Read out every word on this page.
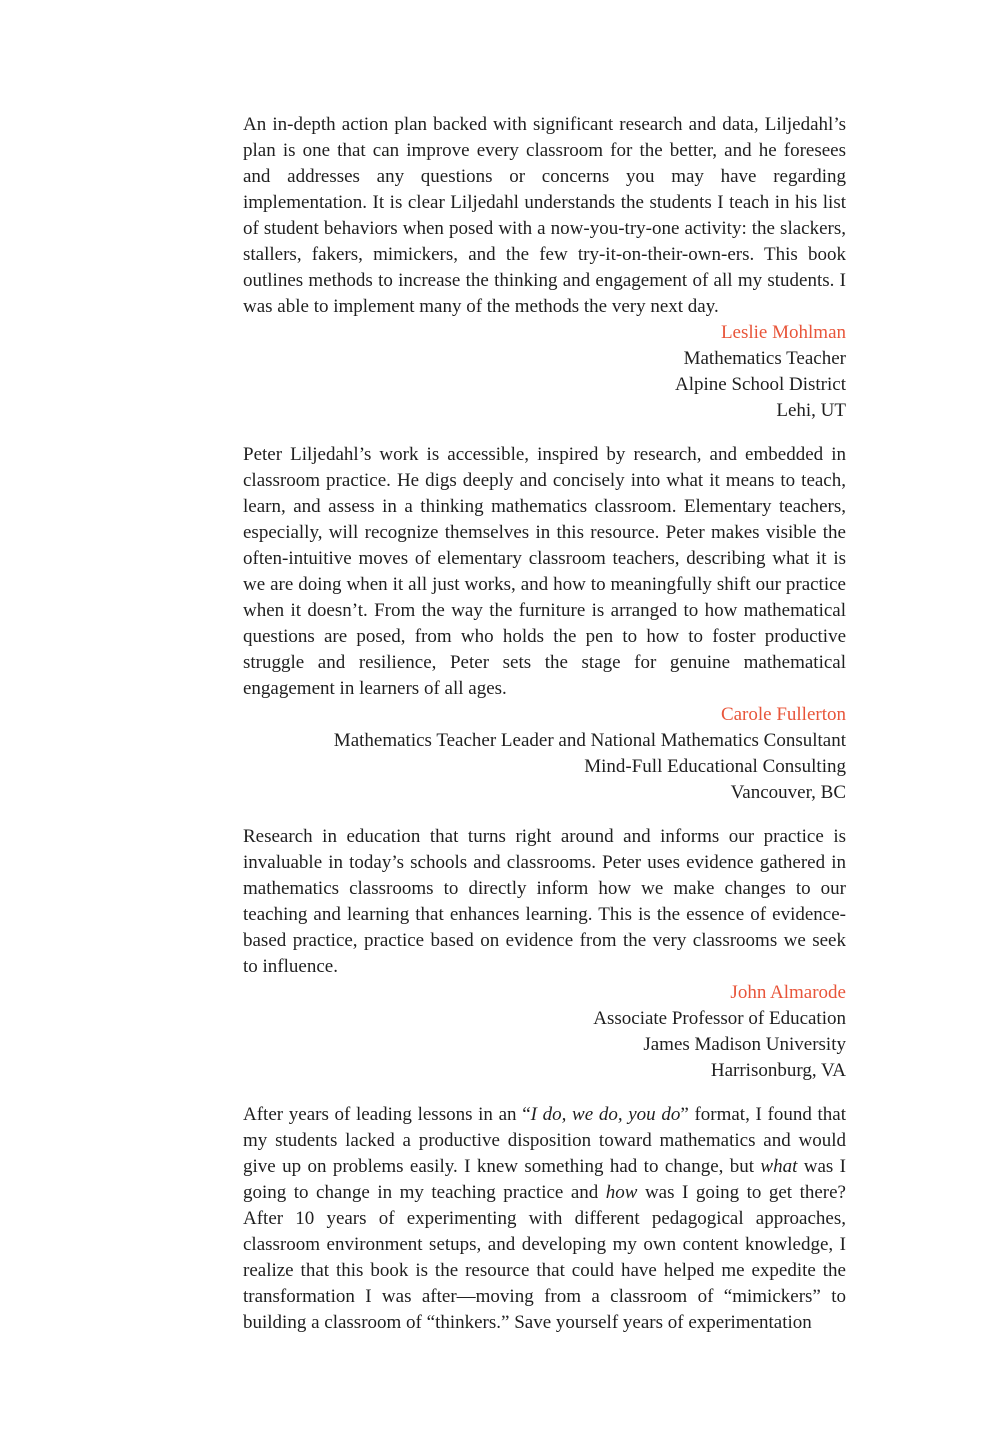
An in-depth action plan backed with significant research and data, Liljedahl’s plan is one that can improve every classroom for the better, and he foresees and addresses any questions or concerns you may have regarding implementation. It is clear Liljedahl understands the students I teach in his list of student behaviors when posed with a now-you-try-one activity: the slackers, stallers, fakers, mimickers, and the few try-it-on-their-own-ers. This book outlines methods to increase the thinking and engagement of all my students. I was able to implement many of the methods the very next day.

Leslie Mohlman
Mathematics Teacher
Alpine School District
Lehi, UT

Peter Liljedahl’s work is accessible, inspired by research, and embedded in classroom practice. He digs deeply and concisely into what it means to teach, learn, and assess in a thinking mathematics classroom. Elementary teachers, especially, will recognize themselves in this resource. Peter makes visible the often-intuitive moves of elementary classroom teachers, describing what it is we are doing when it all just works, and how to meaningfully shift our practice when it doesn’t. From the way the furniture is arranged to how mathematical questions are posed, from who holds the pen to how to foster productive struggle and resilience, Peter sets the stage for genuine mathematical engagement in learners of all ages.

Carole Fullerton
Mathematics Teacher Leader and National Mathematics Consultant
Mind-Full Educational Consulting
Vancouver, BC

Research in education that turns right around and informs our practice is invaluable in today’s schools and classrooms. Peter uses evidence gathered in mathematics classrooms to directly inform how we make changes to our teaching and learning that enhances learning. This is the essence of evidence-based practice, practice based on evidence from the very classrooms we seek to influence.

John Almarode
Associate Professor of Education
James Madison University
Harrisonburg, VA

After years of leading lessons in an “I do, we do, you do” format, I found that my students lacked a productive disposition toward mathematics and would give up on problems easily. I knew something had to change, but what was I going to change in my teaching practice and how was I going to get there? After 10 years of experimenting with different pedagogical approaches, classroom environment setups, and developing my own content knowledge, I realize that this book is the resource that could have helped me expedite the transformation I was after—moving from a classroom of “mimickers” to building a classroom of “thinkers.” Save yourself years of experimentation
